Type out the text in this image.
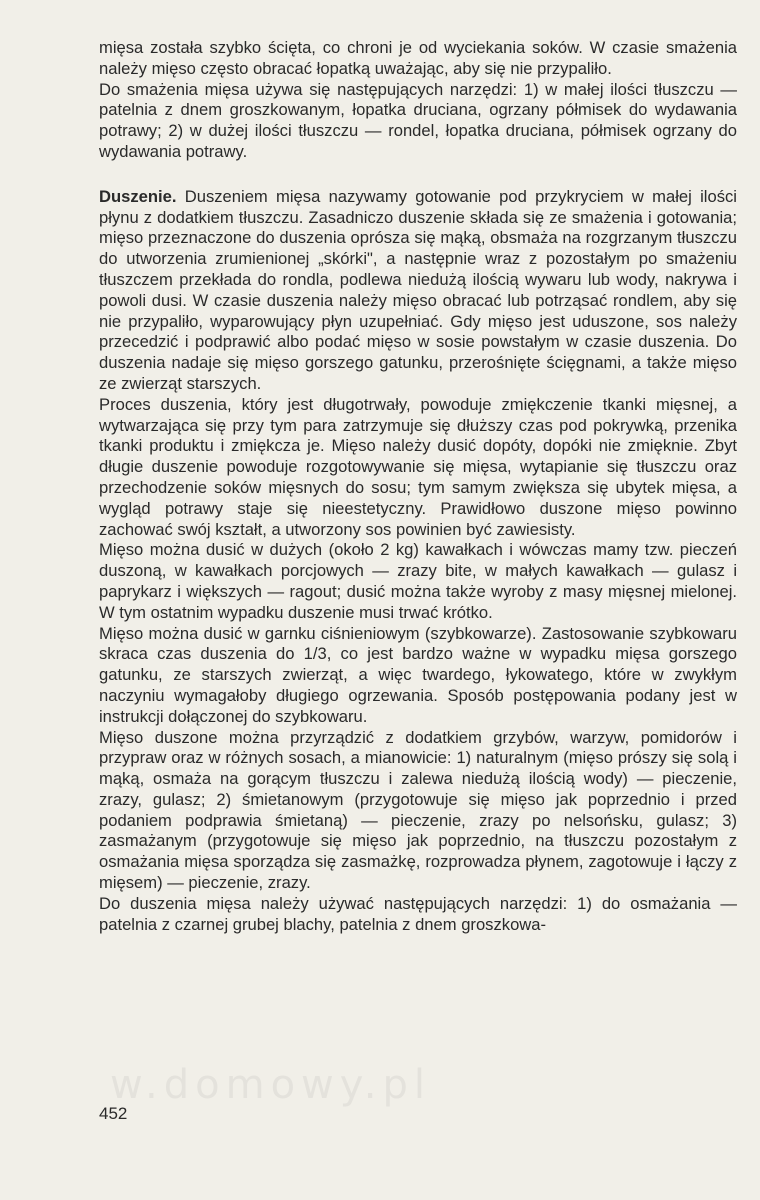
mięsa została szybko ścięta, co chroni je od wyciekania soków. W czasie smażenia należy mięso często obracać łopatką uważając, aby się nie przypaliło.

Do smażenia mięsa używa się następujących narzędzi: 1) w małej ilości tłuszczu — patelnia z dnem groszkowanym, łopatka druciana, ogrzany półmisek do wydawania potrawy; 2) w dużej ilości tłuszczu — rondel, łopatka druciana, półmisek ogrzany do wydawania potrawy.

Duszenie. Duszeniem mięsa nazywamy gotowanie pod przykryciem w małej ilości płynu z dodatkiem tłuszczu. Zasadniczo duszenie składa się ze smażenia i gotowania; mięso przeznaczone do duszenia oprósza się mąką, obsmaża na rozgrzanym tłuszczu do utworzenia zrumienionej „skórki", a następnie wraz z pozostałym po smażeniu tłuszczem przekłada do rondla, podlewa niedużą ilością wywaru lub wody, nakrywa i powoli dusi. W czasie duszenia należy mięso obracać lub potrząsać rondlem, aby się nie przypaliło, wyparowujący płyn uzupełniać. Gdy mięso jest uduszone, sos należy przecedzić i podprawić albo podać mięso w sosie powstałym w czasie duszenia. Do duszenia nadaje się mięso gorszego gatunku, przerośnięte ścięgnami, a także mięso ze zwierząt starszych.

Proces duszenia, który jest długotrwały, powoduje zmiękczenie tkanki mięsnej, a wytwarzająca się przy tym para zatrzymuje się dłuższy czas pod pokrywką, przenika tkanki produktu i zmiękcza je. Mięso należy dusić dopóty, dopóki nie zmięknie. Zbyt długie duszenie powoduje rozgotowywanie się mięsa, wytapianie się tłuszczu oraz przechodzenie soków mięsnych do sosu; tym samym zwiększa się ubytek mięsa, a wygląd potrawy staje się nieestetyczny. Prawidłowo duszone mięso powinno zachować swój kształt, a utworzony sos powinien być zawiesisty.

Mięso można dusić w dużych (około 2 kg) kawałkach i wówczas mamy tzw. pieczeń duszoną, w kawałkach porcjowych — zrazy bite, w małych kawałkach — gulasz i paprykarz i większych — ragout; dusić można także wyroby z masy mięsnej mielonej. W tym ostatnim wypadku duszenie musi trwać krótko.

Mięso można dusić w garnku ciśnieniowym (szybkowarze). Zastosowanie szybkowaru skraca czas duszenia do 1/3, co jest bardzo ważne w wypadku mięsa gorszego gatunku, ze starszych zwierząt, a więc twardego, łykowatego, które w zwykłym naczyniu wymagałoby długiego ogrzewania. Sposób postępowania podany jest w instrukcji dołączonej do szybkowaru.

Mięso duszone można przyrządzić z dodatkiem grzybów, warzyw, pomidorów i przypraw oraz w różnych sosach, a mianowicie: 1) naturalnym (mięso prószy się solą i mąką, osmaża na gorącym tłuszczu i zalewa niedużą ilością wody) — pieczenie, zrazy, gulasz; 2) śmietanowym (przygotowuje się mięso jak poprzednio i przed podaniem podprawia śmietaną) — pieczenie, zrazy po nelsońsku, gulasz; 3) zasmażanym (przygotowuje się mięso jak poprzednio, na tłuszczu pozostałym z osmażania mięsa sporządza się zasmażkę, rozprowadza płynem, zagotowuje i łączy z mięsem) — pieczenie, zrazy.

Do duszenia mięsa należy używać następujących narzędzi: 1) do osmażania — patelnia z czarnej grubej blachy, patelnia z dnem groszkowa-

w.domowy.pl
452
